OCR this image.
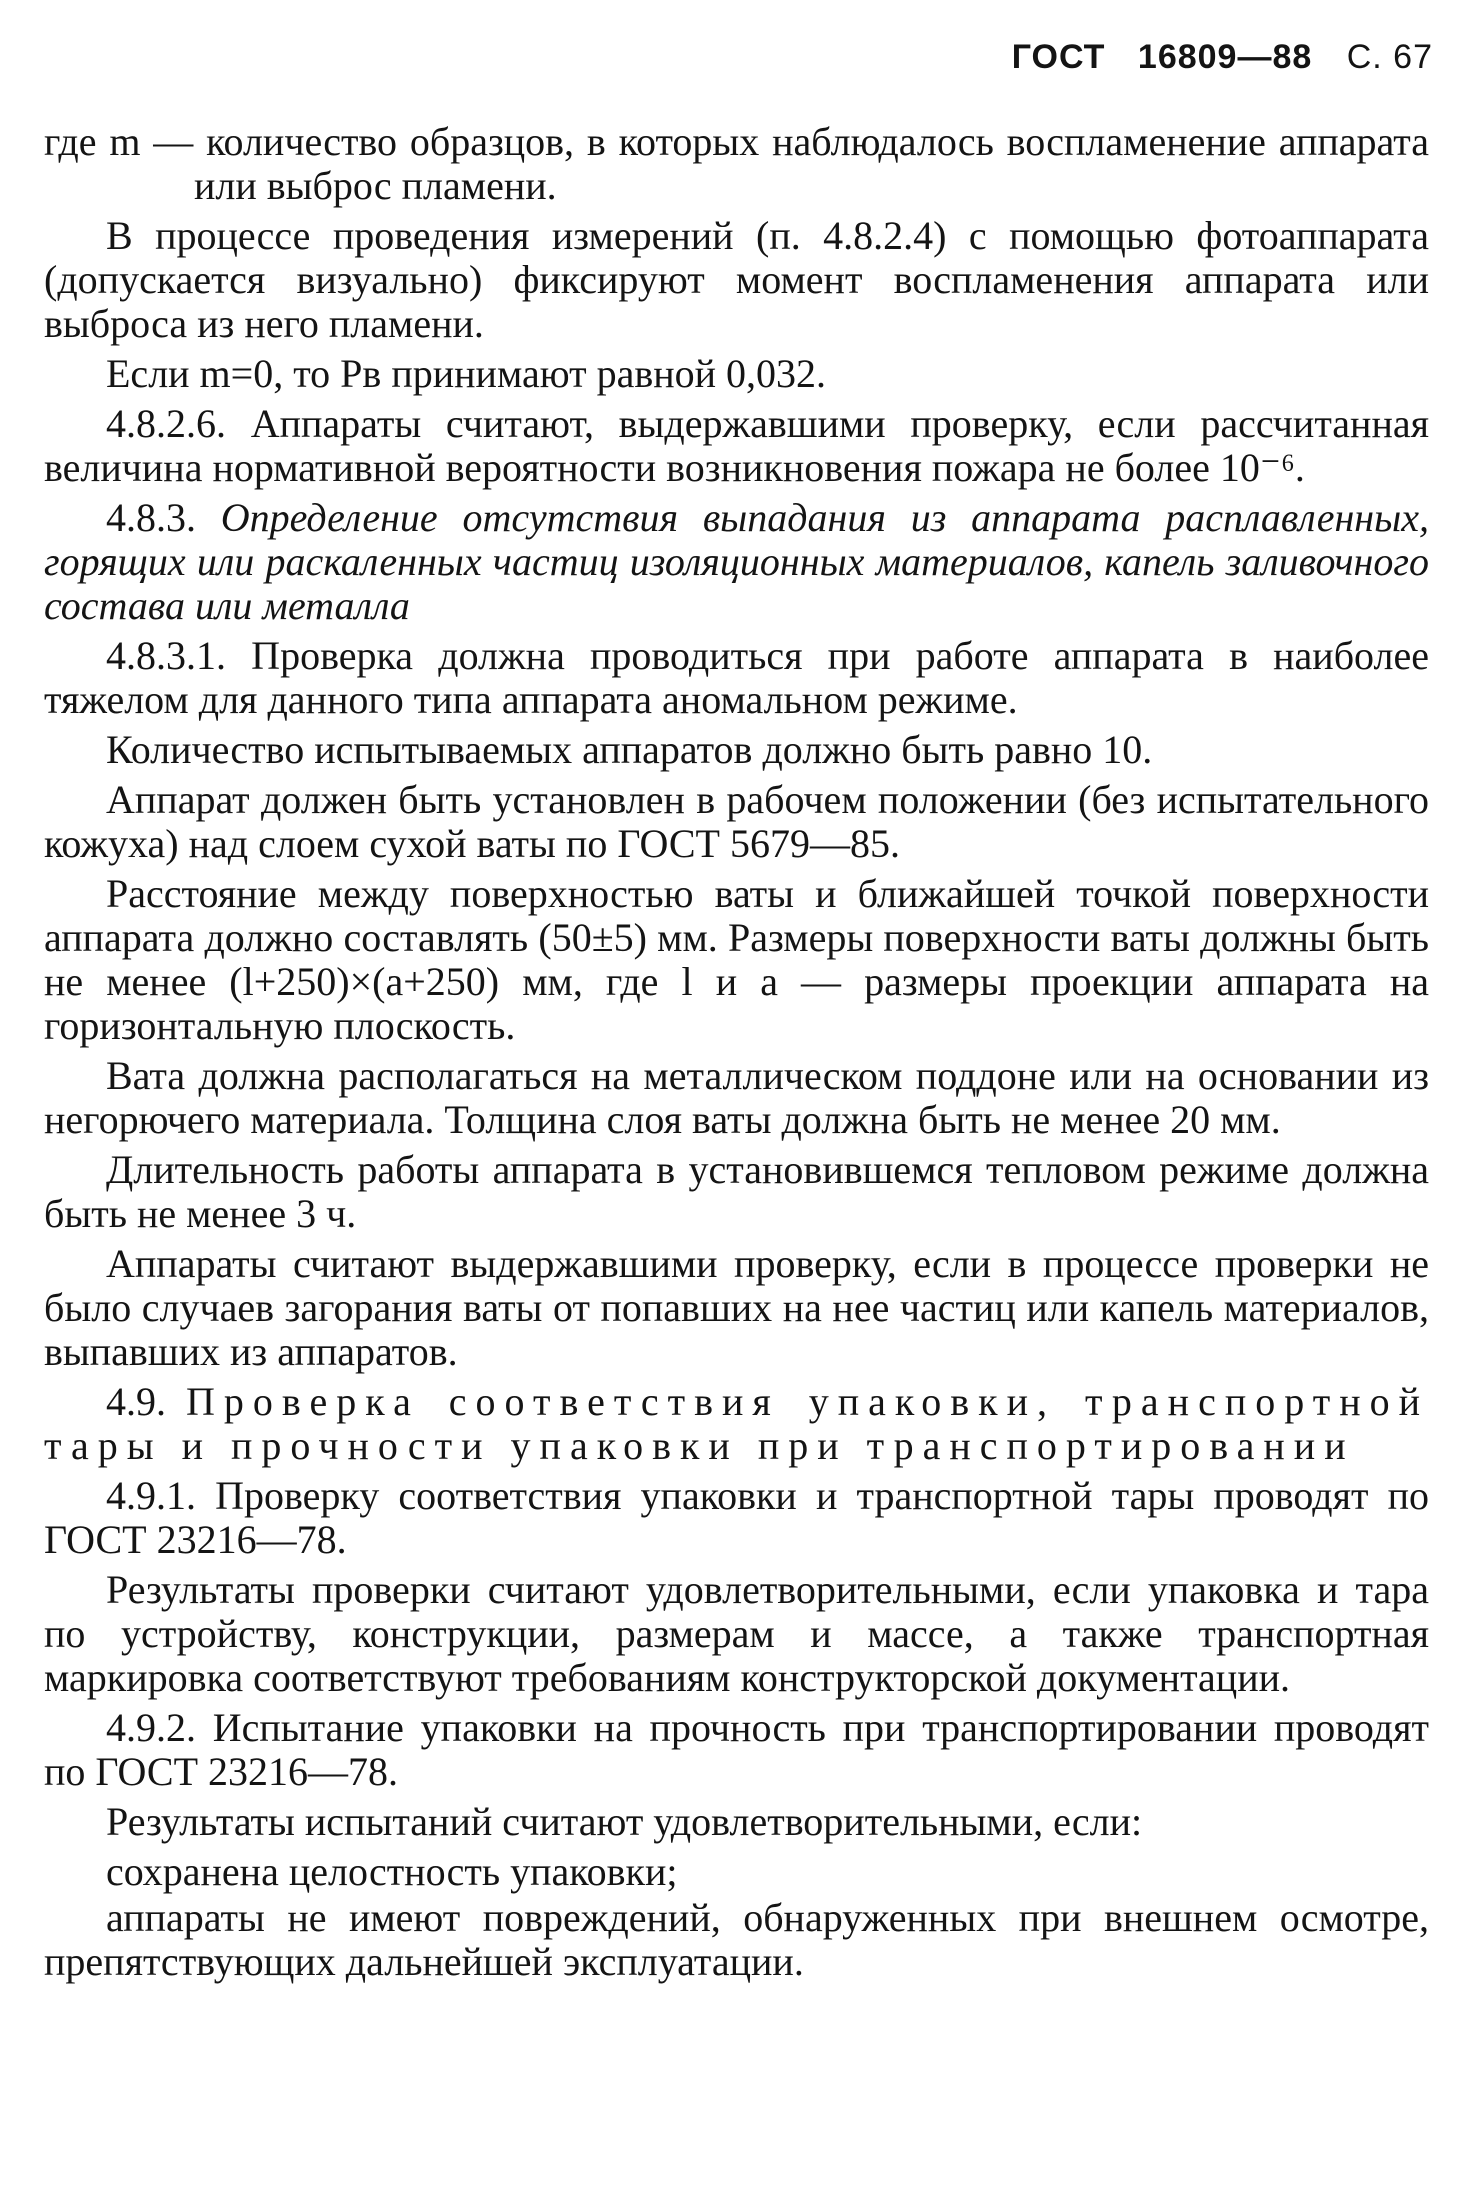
ГОСТ 16809—88 С. 67

где m — количество образцов, в которых наблюдалось воспламенение аппарата или выброс пламени.

В процессе проведения измерений (п. 4.8.2.4) с помощью фотоаппарата (допускается визуально) фиксируют момент воспламенения аппарата или выброса из него пламени.

Если m=0, то Pв принимают равной 0,032.

4.8.2.6. Аппараты считают, выдержавшими проверку, если рассчитанная величина нормативной вероятности возникновения пожара не более 10⁻⁶.

4.8.3. Определение отсутствия выпадания из аппарата расплавленных, горящих или раскаленных частиц изоляционных материалов, капель заливочного состава или металла

4.8.3.1. Проверка должна проводиться при работе аппарата в наиболее тяжелом для данного типа аппарата аномальном режиме.

Количество испытываемых аппаратов должно быть равно 10.

Аппарат должен быть установлен в рабочем положении (без испытательного кожуха) над слоем сухой ваты по ГОСТ 5679—85.

Расстояние между поверхностью ваты и ближайшей точкой поверхности аппарата должно составлять (50±5) мм. Размеры поверхности ваты должны быть не менее (l+250)×(a+250) мм, где l и a — размеры проекции аппарата на горизонтальную плоскость.

Вата должна располагаться на металлическом поддоне или на основании из негорючего материала. Толщина слоя ваты должна быть не менее 20 мм.

Длительность работы аппарата в установившемся тепловом режиме должна быть не менее 3 ч.

Аппараты считают выдержавшими проверку, если в процессе проверки не было случаев загорания ваты от попавших на нее частиц или капель материалов, выпавших из аппаратов.

4.9. Проверка соответствия упаковки, транспортной тары и прочности упаковки при транспортировании

4.9.1. Проверку соответствия упаковки и транспортной тары проводят по ГОСТ 23216—78.

Результаты проверки считают удовлетворительными, если упаковка и тара по устройству, конструкции, размерам и массе, а также транспортная маркировка соответствуют требованиям конструкторской документации.

4.9.2. Испытание упаковки на прочность при транспортировании проводят по ГОСТ 23216—78.

Результаты испытаний считают удовлетворительными, если:

сохранена целостность упаковки;

аппараты не имеют повреждений, обнаруженных при внешнем осмотре, препятствующих дальнейшей эксплуатации.
